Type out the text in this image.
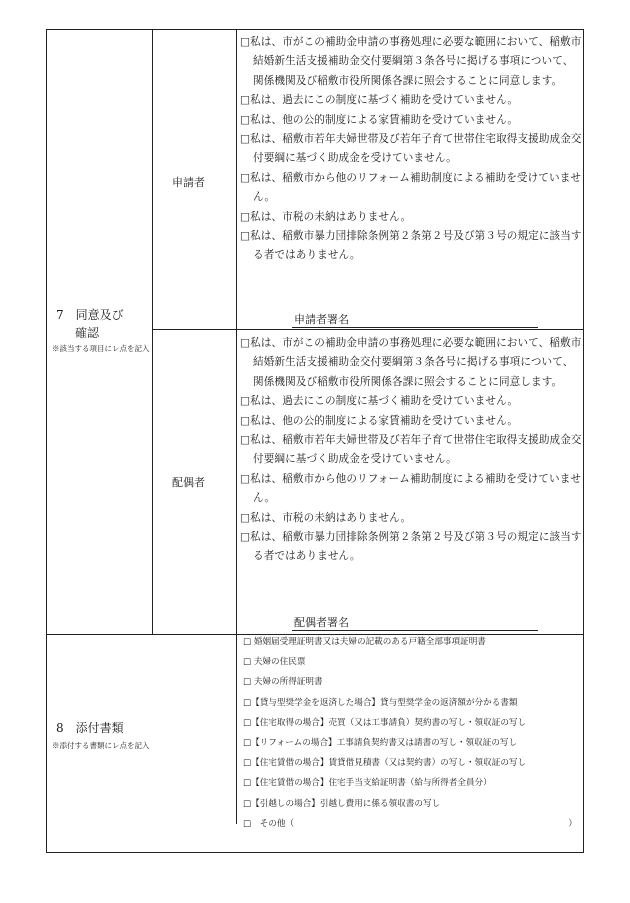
7　同意及び
確認
※該当する項目にレ点を記入
申請者
□私は、市がこの補助金申請の事務処理に必要な範囲において、稲敷市結婚新生活支援補助金交付要綱第３条各号に掲げる事項について、関係機関及び稲敷市役所関係各課に照会することに同意します。
□私は、過去にこの制度に基づく補助を受けていません。
□私は、他の公的制度による家賃補助を受けていません。
□私は、稲敷市若年夫婦世帯及び若年子育て世帯住宅取得支援助成金交付要綱に基づく助成金を受けていません。
□私は、稲敷市から他のリフォーム補助制度による補助を受けていません。
□私は、市税の未納はありません。
□私は、稲敷市暴力団排除条例第２条第２号及び第３号の規定に該当する者ではありません。
申請者署名
配偶者
□私は、市がこの補助金申請の事務処理に必要な範囲において、稲敷市結婚新生活支援補助金交付要綱第３条各号に掲げる事項について、関係機関及び稲敷市役所関係各課に照会することに同意します。
□私は、過去にこの制度に基づく補助を受けていません。
□私は、他の公的制度による家賃補助を受けていません。
□私は、稲敷市若年夫婦世帯及び若年子育て世帯住宅取得支援助成金交付要綱に基づく助成金を受けていません。
□私は、稲敷市から他のリフォーム補助制度による補助を受けていません。
□私は、市税の未納はありません。
□私は、稲敷市暴力団排除条例第２条第２号及び第３号の規定に該当する者ではありません。
配偶者署名
8　添付書類
※添付する書類にレ点を記入
□ 婚姻届受理証明書又は夫婦の記載のある戸籍全部事項証明書
□ 夫婦の住民票
□ 夫婦の所得証明書
□【貸与型奨学金を返済した場合】貸与型奨学金の返済額が分かる書類
□【住宅取得の場合】売買（又は工事請負）契約書の写し・領収証の写し
□【リフォームの場合】工事請負契約書又は請書の写し・領収証の写し
□【住宅賃借の場合】賃貸借見積書（又は契約書）の写し・領収証の写し
□【住宅賃借の場合】住宅手当支給証明書（給与所得者全員分）
□【引越しの場合】引越し費用に係る領収書の写し
□　その他（	）
